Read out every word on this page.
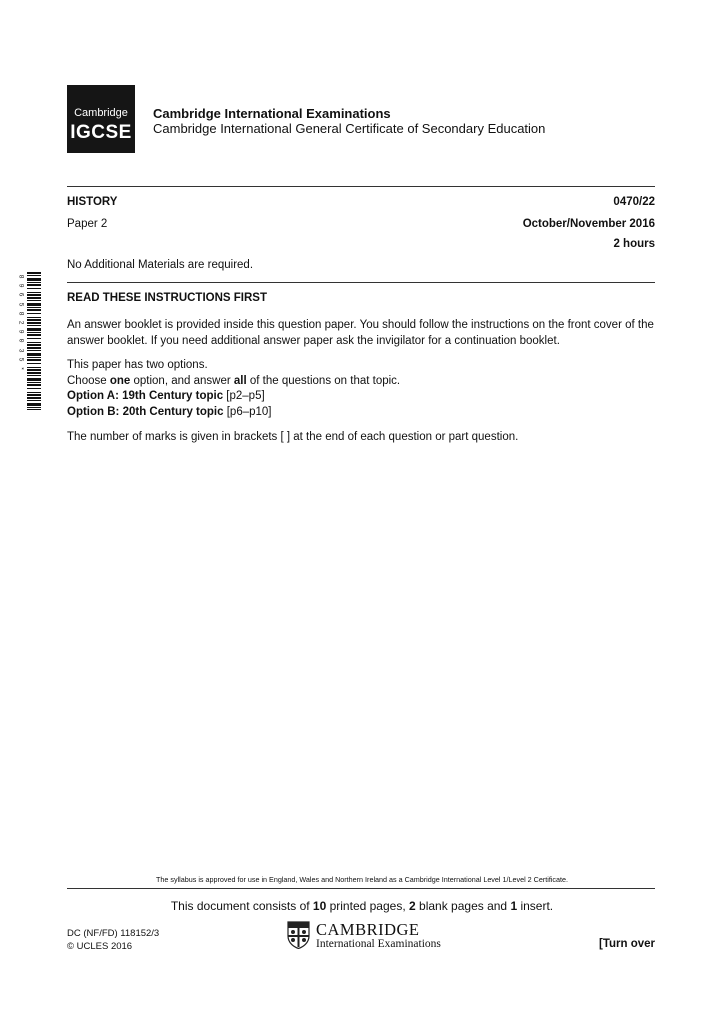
Cambridge
IGCSE
Cambridge International Examinations
Cambridge International General Certificate of Secondary Education
HISTORY	0470/22
Paper 2	October/November 2016
2 hours
No Additional Materials are required.
8
9
6
5
8
2
9
0
3
5
*
READ THESE INSTRUCTIONS FIRST
An answer booklet is provided inside this question paper. You should follow the instructions on the front cover of the answer booklet. If you need additional answer paper ask the invigilator for a continuation booklet.

This paper has two options.

Choose one option, and answer all of the questions on that topic.

Option A: 19th Century topic [p2–p5]

Option B: 20th Century topic [p6–p10]

The number of marks is given in brackets [ ] at the end of each question or part question.
The syllabus is approved for use in England, Wales and Northern Ireland as a Cambridge International Level 1/Level 2 Certificate.
This document consists of 10 printed pages, 2 blank pages and 1 insert.
DC (NF/FD) 118152/3
© UCLES 2016
CAMBRIDGE
International Examinations	[Turn over
